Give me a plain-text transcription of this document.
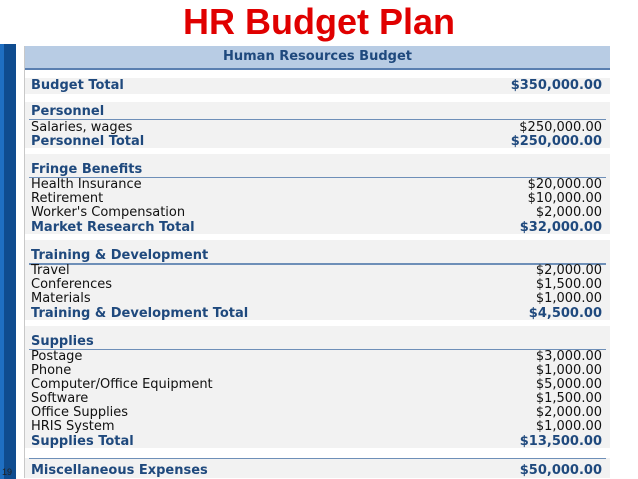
HR Budget Plan
Human Resources Budget
Budget Total	$350,000.00
Personnel
Salaries, wages	$250,000.00
Personnel Total	$250,000.00
Fringe Benefits
Health Insurance	$20,000.00
Retirement	$10,000.00
Worker's Compensation	$2,000.00
Market Research Total	$32,000.00
Training & Development
Travel	$2,000.00
Conferences	$1,500.00
Materials	$1,000.00
Training & Development Total	$4,500.00
Supplies
Postage	$3,000.00
Phone	$1,000.00
Computer/Office Equipment	$5,000.00
Software	$1,500.00
Office Supplies	$2,000.00
HRIS System	$1,000.00
Supplies Total	$13,500.00
Miscellaneous Expenses	$50,000.00
19
